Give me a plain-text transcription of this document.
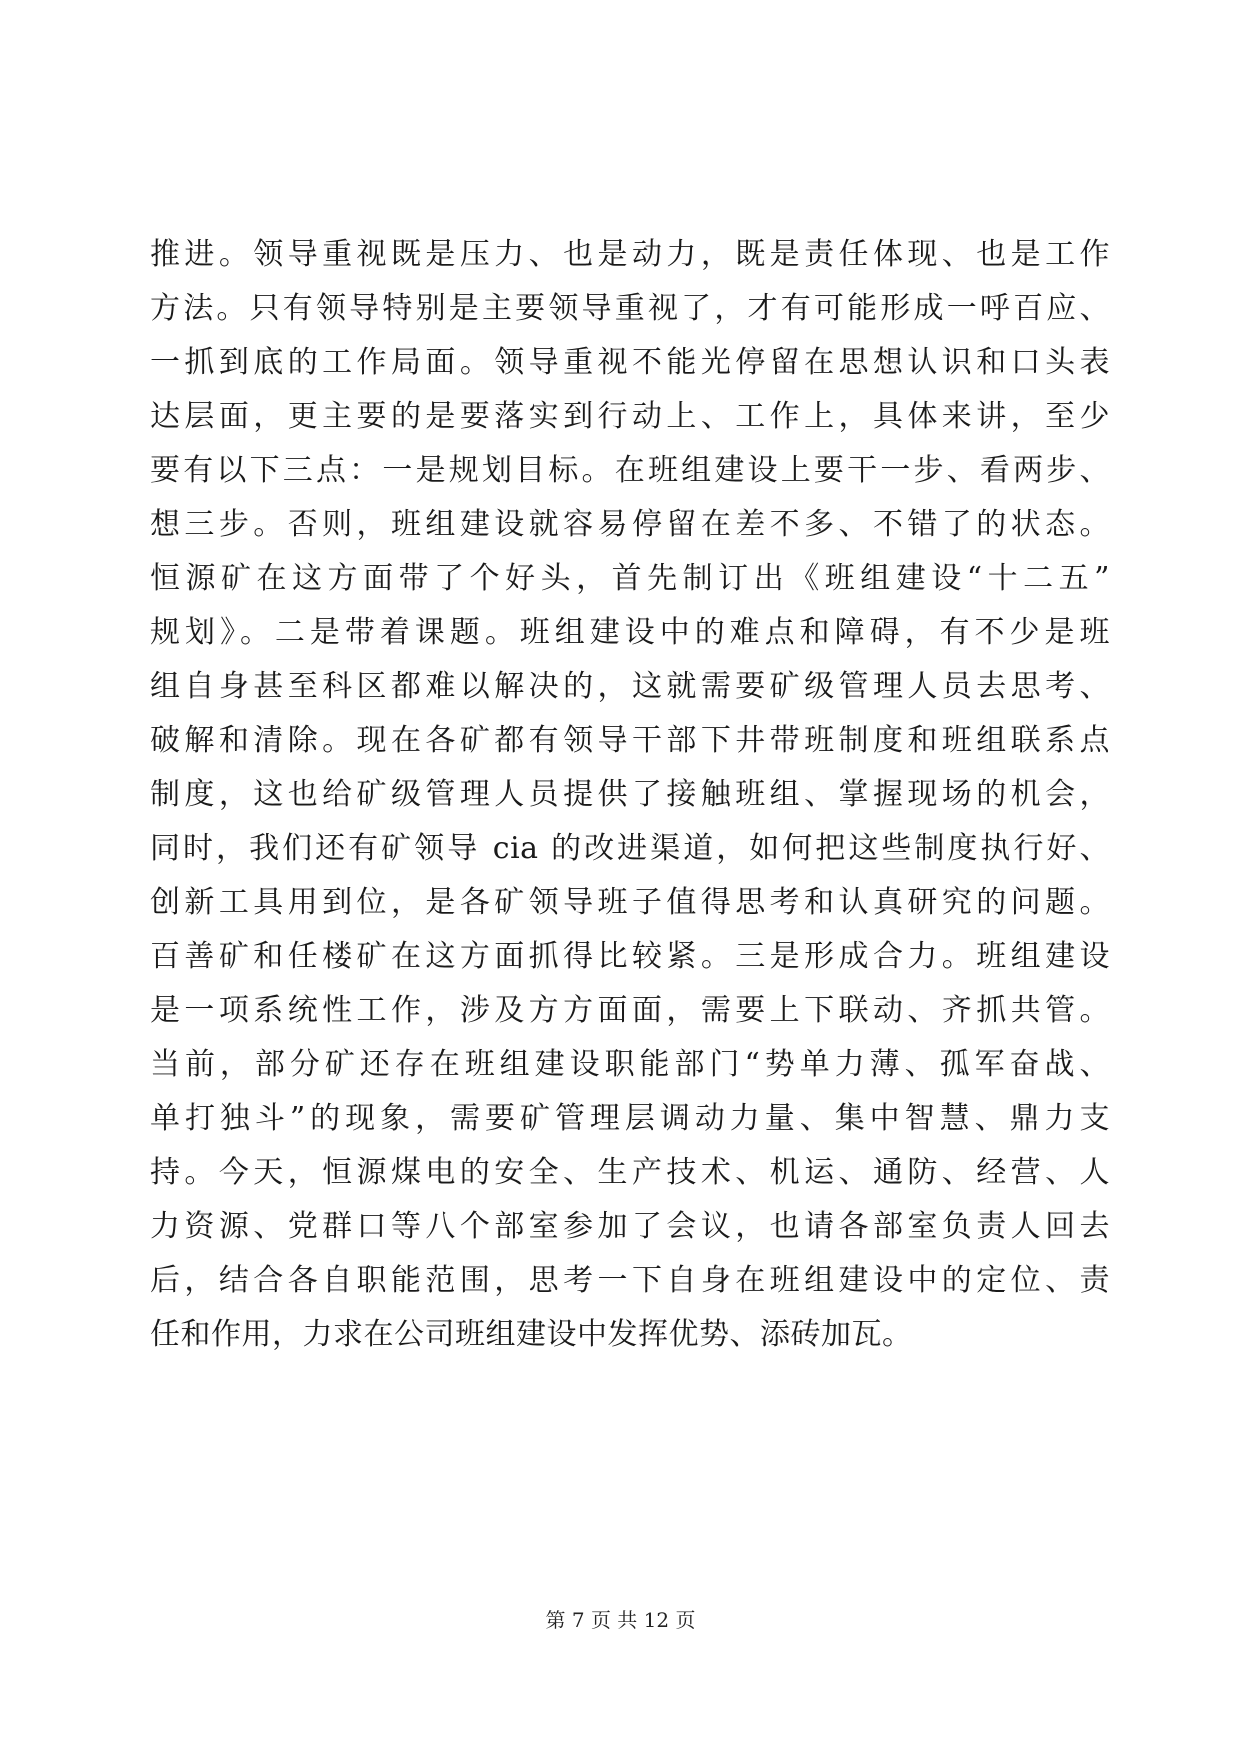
推进。领导重视既是压力、也是动力，既是责任体现、也是工作
方法。只有领导特别是主要领导重视了，才有可能形成一呼百应、
一抓到底的工作局面。领导重视不能光停留在思想认识和口头表
达层面，更主要的是要落实到行动上、工作上，具体来讲，至少
要有以下三点：一是规划目标。在班组建设上要干一步、看两步、
想三步。否则，班组建设就容易停留在差不多、不错了的状态。
恒源矿在这方面带了个好头，首先制订出《班组建设“十二五”
规划》。二是带着课题。班组建设中的难点和障碍，有不少是班
组自身甚至科区都难以解决的，这就需要矿级管理人员去思考、
破解和清除。现在各矿都有领导干部下井带班制度和班组联系点
制度，这也给矿级管理人员提供了接触班组、掌握现场的机会，
同时，我们还有矿领导 cia 的改进渠道，如何把这些制度执行好、
创新工具用到位，是各矿领导班子值得思考和认真研究的问题。
百善矿和任楼矿在这方面抓得比较紧。三是形成合力。班组建设
是一项系统性工作，涉及方方面面，需要上下联动、齐抓共管。
当前，部分矿还存在班组建设职能部门“势单力薄、孤军奋战、
单打独斗”的现象，需要矿管理层调动力量、集中智慧、鼎力支
持。今天，恒源煤电的安全、生产技术、机运、通防、经营、人
力资源、党群口等八个部室参加了会议，也请各部室负责人回去
后，结合各自职能范围，思考一下自身在班组建设中的定位、责
任和作用，力求在公司班组建设中发挥优势、添砖加瓦。
第 7 页 共 12 页
